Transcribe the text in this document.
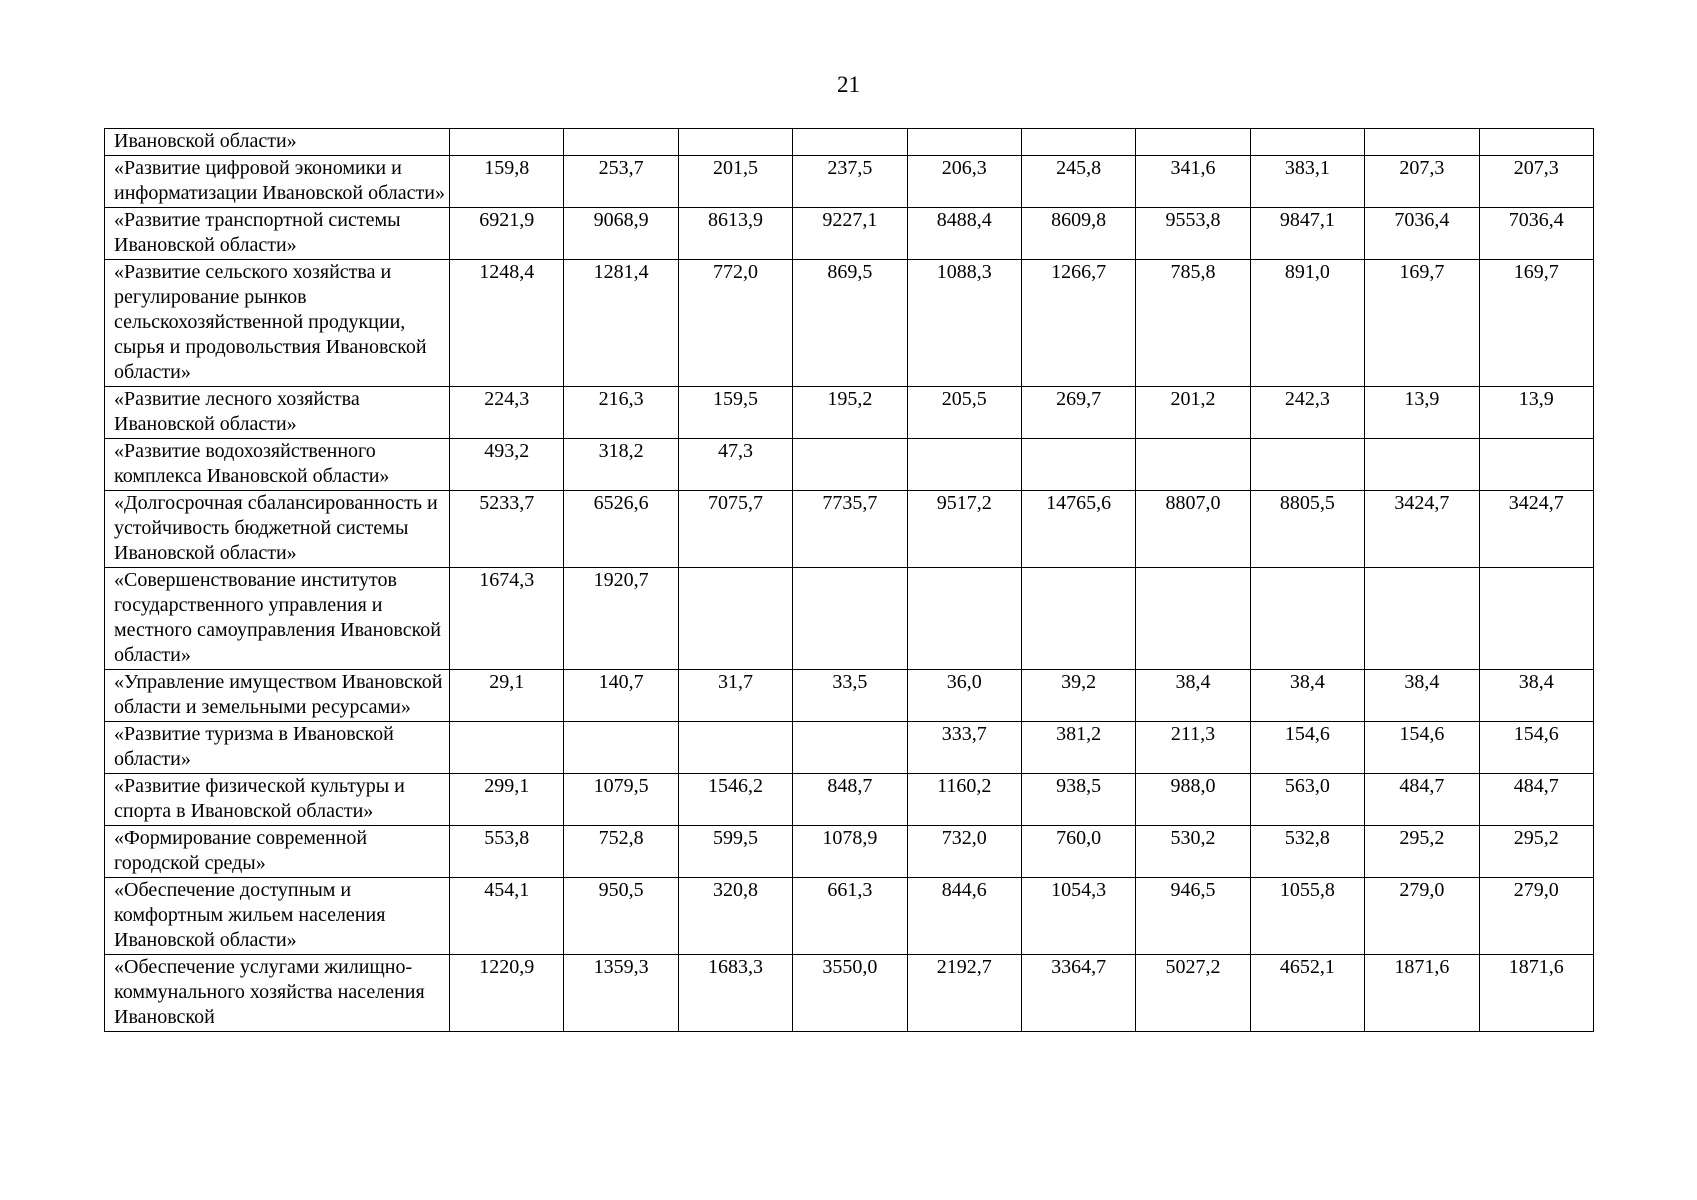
21
Ивановской области»										
«Развитие цифровой экономики и информатизации Ивановской области»	159,8	253,7	201,5	237,5	206,3	245,8	341,6	383,1	207,3	207,3
«Развитие транспортной системы Ивановской области»	6921,9	9068,9	8613,9	9227,1	8488,4	8609,8	9553,8	9847,1	7036,4	7036,4
«Развитие сельского хозяйства и регулирование рынков сельскохозяйственной продукции, сырья и продовольствия Ивановской области»	1248,4	1281,4	772,0	869,5	1088,3	1266,7	785,8	891,0	169,7	169,7
«Развитие лесного хозяйства Ивановской области»	224,3	216,3	159,5	195,2	205,5	269,7	201,2	242,3	13,9	13,9
«Развитие водохозяйственного комплекса Ивановской области»	493,2	318,2	47,3							
«Долгосрочная сбалансированность и устойчивость бюджетной системы Ивановской области»	5233,7	6526,6	7075,7	7735,7	9517,2	14765,6	8807,0	8805,5	3424,7	3424,7
«Совершенствование институтов государственного управления и местного самоуправления Ивановской области»	1674,3	1920,7								
«Управление имуществом Ивановской области и земельными ресурсами»	29,1	140,7	31,7	33,5	36,0	39,2	38,4	38,4	38,4	38,4
«Развитие туризма в Ивановской области»					333,7	381,2	211,3	154,6	154,6	154,6
«Развитие физической культуры и спорта в Ивановской области»	299,1	1079,5	1546,2	848,7	1160,2	938,5	988,0	563,0	484,7	484,7
«Формирование современной городской среды»	553,8	752,8	599,5	1078,9	732,0	760,0	530,2	532,8	295,2	295,2
«Обеспечение доступным и комфортным жильем населения Ивановской области»	454,1	950,5	320,8	661,3	844,6	1054,3	946,5	1055,8	279,0	279,0
«Обеспечение услугами жилищно-коммунального хозяйства населения Ивановской	1220,9	1359,3	1683,3	3550,0	2192,7	3364,7	5027,2	4652,1	1871,6	1871,6
